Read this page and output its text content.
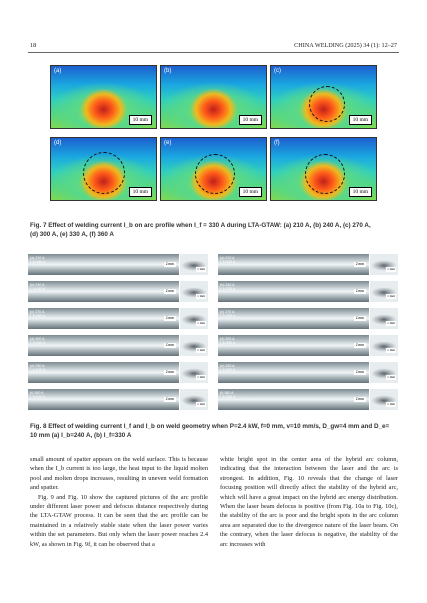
18	CHINA WELDING (2025) 34 (1): 12–27
(a)
10 mm
(b)
10 mm
(c)
10 mm
(d)
10 mm
(e)
10 mm
(f)
10 mm
Fig. 7 Effect of welding current I_b on arc profile when I_f = 330 A during LTA-GTAW: (a) 210 A, (b) 240 A, (c) 270 A,
(d) 300 A, (e) 330 A, (f) 360 A
(a) 210 A
I_f=240 A	2 mm
1 mm
(b) 240 A
I_f=240 A	2 mm
1 mm
(c) 270 A
I_f=240 A	2 mm
1 mm
(d) 300 A
I_f=240 A	2 mm
1 mm
(e) 330 A
I_f=240 A	2 mm
1 mm
(f) 360 A
I_f=240 A	2 mm
1 mm
(a) 210 A
I_f=330 A	2 mm
1 mm
(b) 240 A
I_f=330 A	2 mm
1 mm
(c) 270 A
I_f=330 A	2 mm
1 mm
(d) 300 A
I_f=330 A	2 mm
1 mm
(e) 330 A
I_f=330 A	2 mm
1 mm
(f) 360 A
I_f=330 A	2 mm
1 mm
Fig. 8 Effect of welding current I_f and I_b on weld geometry when P=2.4 kW, f=0 mm, v=10 mm/s, D_gw=4 mm and D_e=
10 mm (a) I_b=240 A, (b) I_f=330 A

small amount of spatter appears on the weld surface. This is because when the I_b current is too large, the heat input to the liquid molten pool and molten drops increases, resulting in uneven weld formation and spatter.

Fig. 9 and Fig. 10 show the captured pictures of the arc profile under different laser power and defocus distance respectively during the LTA-GTAW process. It can be seen that the arc profile can be maintained in a relatively stable state when the laser power varies within the set parameters. But only when the laser power reaches 2.4 kW, as shown in Fig. 9f, it can be observed that a

white bright spot in the center area of the hybrid arc column, indicating that the interaction between the laser and the arc is strongest. In addition, Fig. 10 reveals that the change of laser focusing position will directly affect the stability of the hybrid arc, which will have a great impact on the hybrid arc energy distribution. When the laser beam defocus is positive (from Fig. 10a to Fig. 10c), the stability of the arc is poor and the bright spots in the arc column area are separated due to the divergence nature of the laser beam. On the contrary, when the laser defocus is negative, the stability of the arc increases with
